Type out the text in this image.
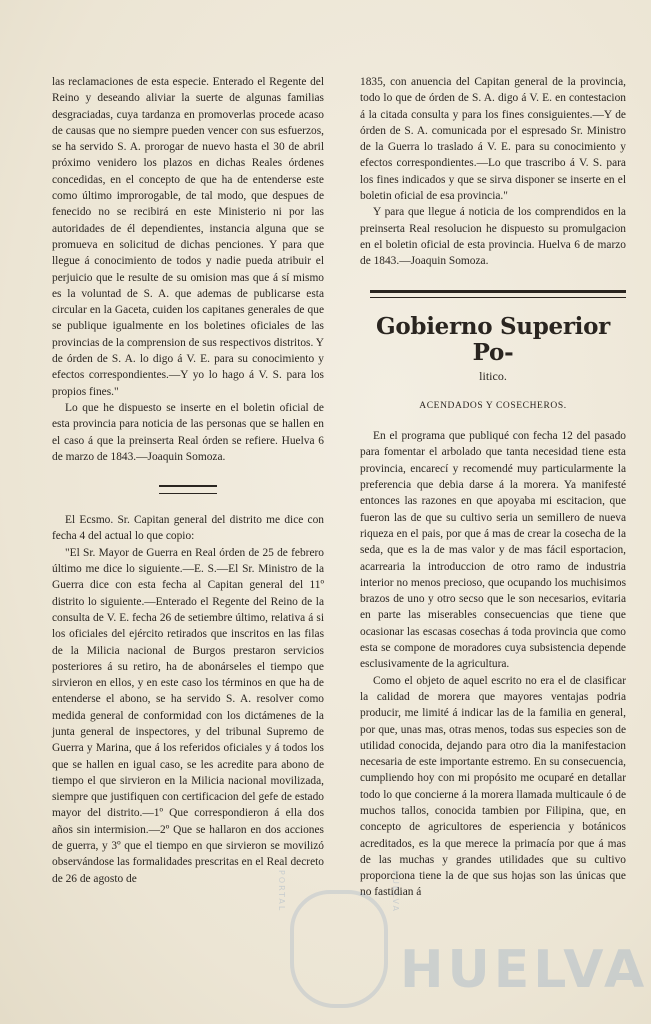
las reclamaciones de esta especie. Enterado el Regente del Reino y deseando aliviar la suerte de algunas familias desgraciadas, cuya tardanza en promoverlas procede acaso de causas que no siempre pueden vencer con sus esfuerzos, se ha servido S. A. prorogar de nuevo hasta el 30 de abril próximo venidero los plazos en dichas Reales órdenes concedidas, en el concepto de que ha de entenderse este como último improrogable, de tal modo, que despues de fenecido no se recibirá en este Ministerio ni por las autoridades de él dependientes, instancia alguna que se promueva en solicitud de dichas penciones. Y para que llegue á conocimiento de todos y nadie pueda atribuir el perjuicio que le resulte de su omision mas que á sí mismo es la voluntad de S. A. que ademas de publicarse esta circular en la Gaceta, cuiden los capitanes generales de que se publique igualmente en los boletines oficiales de las provincias de la comprension de sus respectivos distritos. Y de órden de S. A. lo digo á V. E. para su conocimiento y efectos correspondientes.—Y yo lo hago á V. S. para los propios fines."

Lo que he dispuesto se inserte en el boletin oficial de esta provincia para noticia de las personas que se hallen en el caso á que la preinserta Real órden se refiere. Huelva 6 de marzo de 1843.—Joaquin Somoza.

El Ecsmo. Sr. Capitan general del distrito me dice con fecha 4 del actual lo que copio:

"El Sr. Mayor de Guerra en Real órden de 25 de febrero último me dice lo siguiente.—E. S.—El Sr. Ministro de la Guerra dice con esta fecha al Capitan general del 11º distrito lo siguiente.—Enterado el Regente del Reino de la consulta de V. E. fecha 26 de setiembre último, relativa á si los oficiales del ejército retirados que inscritos en las filas de la Milicia nacional de Burgos prestaron servicios posteriores á su retiro, ha de abonárseles el tiempo que sirvieron en ellos, y en este caso los términos en que ha de entenderse el abono, se ha servido S. A. resolver como medida general de conformidad con los dictámenes de la junta general de inspectores, y del tribunal Supremo de Guerra y Marina, que á los referidos oficiales y á todos los que se hallen en igual caso, se les acredite para abono de tiempo el que sirvieron en la Milicia nacional movilizada, siempre que justifiquen con certificacion del gefe de estado mayor del distrito.—1º Que correspondieron á ella dos años sin intermision.—2º Que se hallaron en dos acciones de guerra, y 3º que el tiempo en que sirvieron se movilizó observándose las formalidades prescritas en el Real decreto de 26 de agosto de

1835, con anuencia del Capitan general de la provincia, todo lo que de órden de S. A. digo á V. E. en contestacion á la citada consulta y para los fines consiguientes.—Y de órden de S. A. comunicada por el espresado Sr. Ministro de la Guerra lo traslado á V. E. para su conocimiento y efectos correspondientes.—Lo que trascribo á V. S. para los fines indicados y que se sirva disponer se inserte en el boletin oficial de esa provincia."

Y para que llegue á noticia de los comprendidos en la preinserta Real resolucion he dispuesto su promulgacion en el boletin oficial de esta provincia. Huelva 6 de marzo de 1843.—Joaquin Somoza.

Gobierno Superior Po-
litico.
ACENDADOS Y COSECHEROS.

En el programa que publiqué con fecha 12 del pasado para fomentar el arbolado que tanta necesidad tiene esta provincia, encarecí y recomendé muy particularmente la preferencia que debia darse á la morera. Ya manifesté entonces las razones en que apoyaba mi escitacion, que fueron las de que su cultivo seria un semillero de nueva riqueza en el pais, por que á mas de crear la cosecha de la seda, que es la de mas valor y de mas fácil esportacion, acarrearia la introduccion de otro ramo de industria interior no menos precioso, que ocupando los muchisimos brazos de uno y otro secso que le son necesarios, evitaria en parte las miserables consecuencias que tiene que ocasionar las escasas cosechas á toda provincia que como esta se compone de moradores cuya subsistencia depende esclusivamente de la agricultura.

Como el objeto de aquel escrito no era el de clasificar la calidad de morera que mayores ventajas podria producir, me limité á indicar las de la familia en general, por que, unas mas, otras menos, todas sus especies son de utilidad conocida, dejando para otro dia la manifestacion necesaria de este importante estremo. En su consecuencia, cumpliendo hoy con mi propósito me ocuparé en detallar todo lo que concierne á la morera llamada multicaule ó de muchos tallos, conocida tambien por Filipina, que, en concepto de agricultores de esperiencia y botánicos acreditados, es la que merece la primacía por que á mas de las muchas y grandes utilidades que su cultivo proporciona tiene la de que sus hojas son las únicas que no fastidian á

PORTAL	HUELVA
HUELVA
